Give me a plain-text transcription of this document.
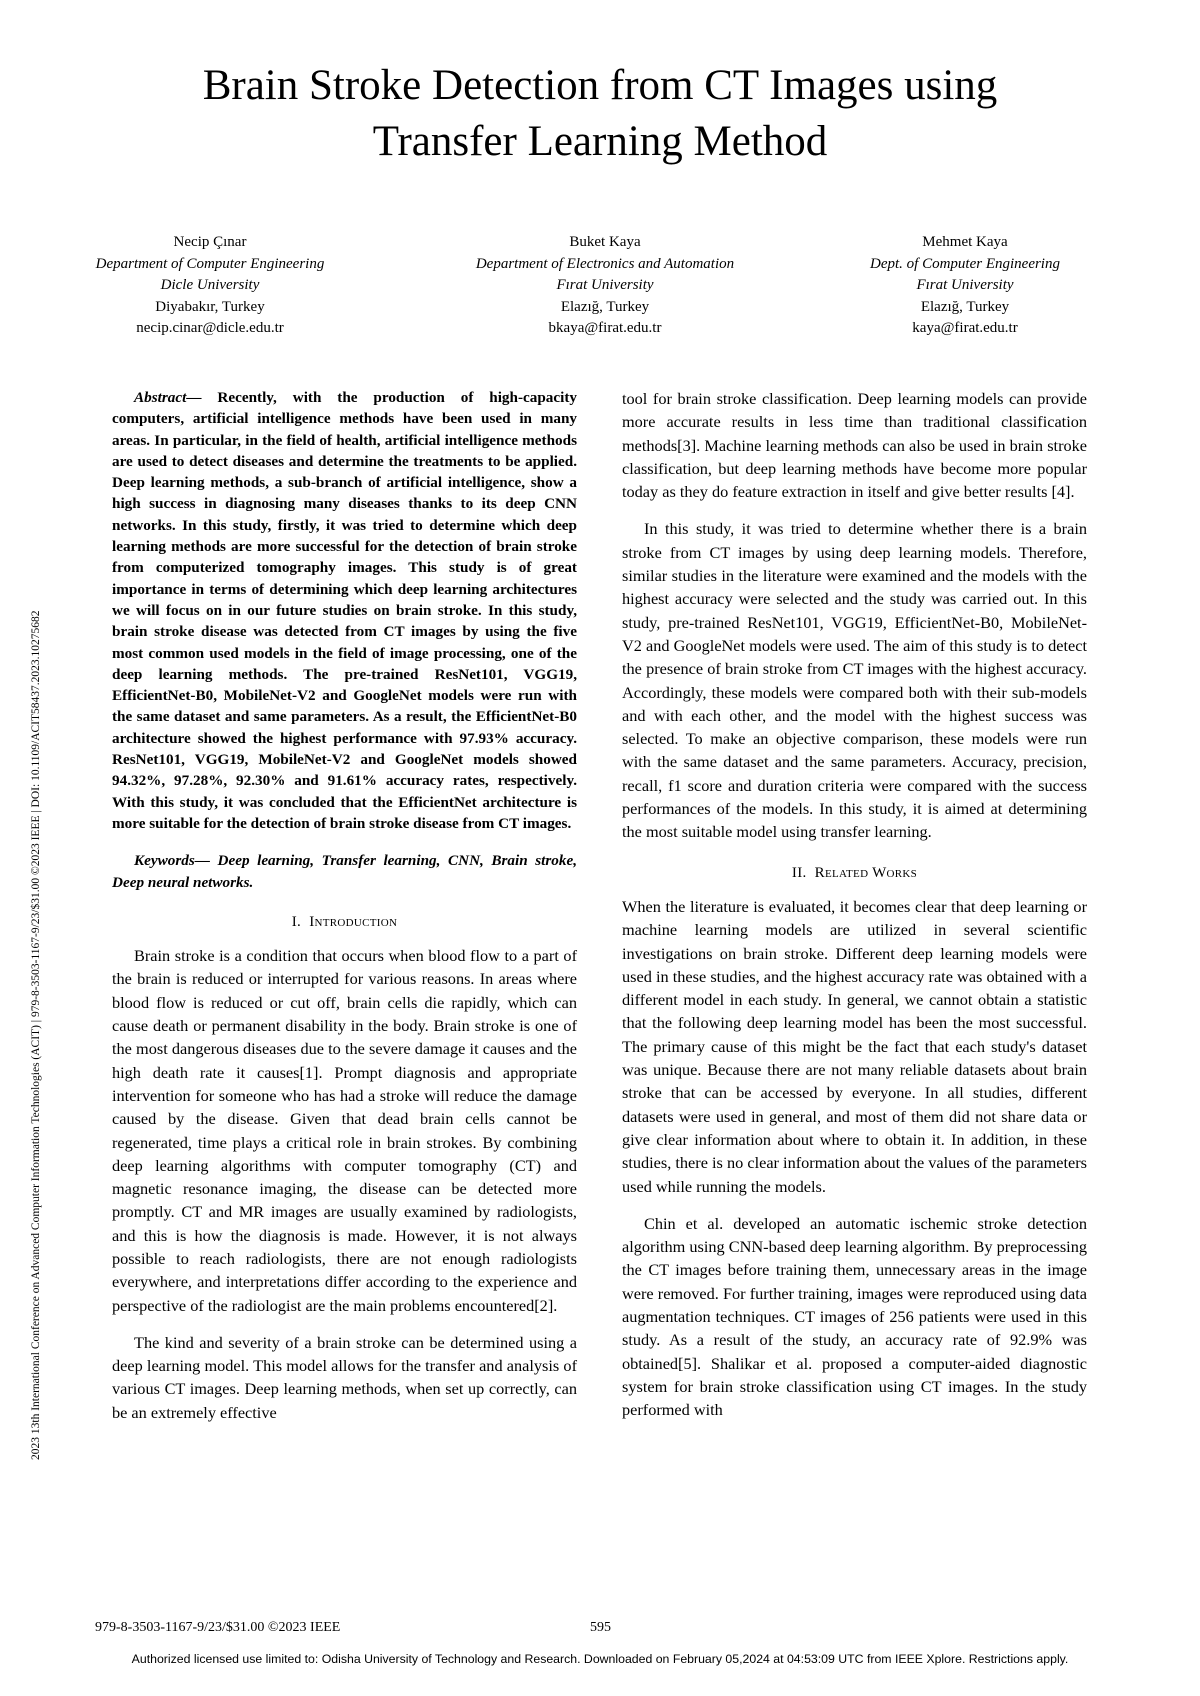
2023 13th International Conference on Advanced Computer Information Technologies (ACIT) | 979-8-3503-1167-9/23/$31.00 ©2023 IEEE | DOI: 10.1109/ACIT58437.2023.10275682
Brain Stroke Detection from CT Images using
Transfer Learning Method
Necip Çınar
Department of Computer Engineering
Dicle University
Diyabakır, Turkey
necip.cinar@dicle.edu.tr
Buket Kaya
Department of Electronics and Automation
Fırat University
Elazığ, Turkey
bkaya@firat.edu.tr
Mehmet Kaya
Dept. of Computer Engineering
Fırat University
Elazığ, Turkey
kaya@firat.edu.tr

Abstract— Recently, with the production of high-capacity computers, artificial intelligence methods have been used in many areas. In particular, in the field of health, artificial intelligence methods are used to detect diseases and determine the treatments to be applied. Deep learning methods, a sub-branch of artificial intelligence, show a high success in diagnosing many diseases thanks to its deep CNN networks. In this study, firstly, it was tried to determine which deep learning methods are more successful for the detection of brain stroke from computerized tomography images. This study is of great importance in terms of determining which deep learning architectures we will focus on in our future studies on brain stroke. In this study, brain stroke disease was detected from CT images by using the five most common used models in the field of image processing, one of the deep learning methods. The pre-trained ResNet101, VGG19, EfficientNet-B0, MobileNet-V2 and GoogleNet models were run with the same dataset and same parameters. As a result, the EfficientNet-B0 architecture showed the highest performance with 97.93% accuracy. ResNet101, VGG19, MobileNet-V2 and GoogleNet models showed 94.32%, 97.28%, 92.30% and 91.61% accuracy rates, respectively. With this study, it was concluded that the EfficientNet architecture is more suitable for the detection of brain stroke disease from CT images.

Keywords— Deep learning, Transfer learning, CNN, Brain stroke, Deep neural networks.

I. Introduction

Brain stroke is a condition that occurs when blood flow to a part of the brain is reduced or interrupted for various reasons. In areas where blood flow is reduced or cut off, brain cells die rapidly, which can cause death or permanent disability in the body. Brain stroke is one of the most dangerous diseases due to the severe damage it causes and the high death rate it causes[1]. Prompt diagnosis and appropriate intervention for someone who has had a stroke will reduce the damage caused by the disease. Given that dead brain cells cannot be regenerated, time plays a critical role in brain strokes. By combining deep learning algorithms with computer tomography (CT) and magnetic resonance imaging, the disease can be detected more promptly. CT and MR images are usually examined by radiologists, and this is how the diagnosis is made. However, it is not always possible to reach radiologists, there are not enough radiologists everywhere, and interpretations differ according to the experience and perspective of the radiologist are the main problems encountered[2].

The kind and severity of a brain stroke can be determined using a deep learning model. This model allows for the transfer and analysis of various CT images. Deep learning methods, when set up correctly, can be an extremely effective

tool for brain stroke classification. Deep learning models can provide more accurate results in less time than traditional classification methods[3]. Machine learning methods can also be used in brain stroke classification, but deep learning methods have become more popular today as they do feature extraction in itself and give better results [4].

In this study, it was tried to determine whether there is a brain stroke from CT images by using deep learning models. Therefore, similar studies in the literature were examined and the models with the highest accuracy were selected and the study was carried out. In this study, pre-trained ResNet101, VGG19, EfficientNet-B0, MobileNet-V2 and GoogleNet models were used. The aim of this study is to detect the presence of brain stroke from CT images with the highest accuracy. Accordingly, these models were compared both with their sub-models and with each other, and the model with the highest success was selected. To make an objective comparison, these models were run with the same dataset and the same parameters. Accuracy, precision, recall, f1 score and duration criteria were compared with the success performances of the models. In this study, it is aimed at determining the most suitable model using transfer learning.

II. Related Works

When the literature is evaluated, it becomes clear that deep learning or machine learning models are utilized in several scientific investigations on brain stroke. Different deep learning models were used in these studies, and the highest accuracy rate was obtained with a different model in each study. In general, we cannot obtain a statistic that the following deep learning model has been the most successful. The primary cause of this might be the fact that each study's dataset was unique. Because there are not many reliable datasets about brain stroke that can be accessed by everyone. In all studies, different datasets were used in general, and most of them did not share data or give clear information about where to obtain it. In addition, in these studies, there is no clear information about the values of the parameters used while running the models.

Chin et al. developed an automatic ischemic stroke detection algorithm using CNN-based deep learning algorithm. By preprocessing the CT images before training them, unnecessary areas in the image were removed. For further training, images were reproduced using data augmentation techniques. CT images of 256 patients were used in this study. As a result of the study, an accuracy rate of 92.9% was obtained[5]. Shalikar et al. proposed a computer-aided diagnostic system for brain stroke classification using CT images. In the study performed with

979-8-3503-1167-9/23/$31.00 ©2023 IEEE	595
Authorized licensed use limited to: Odisha University of Technology and Research. Downloaded on February 05,2024 at 04:53:09 UTC from IEEE Xplore. Restrictions apply.
